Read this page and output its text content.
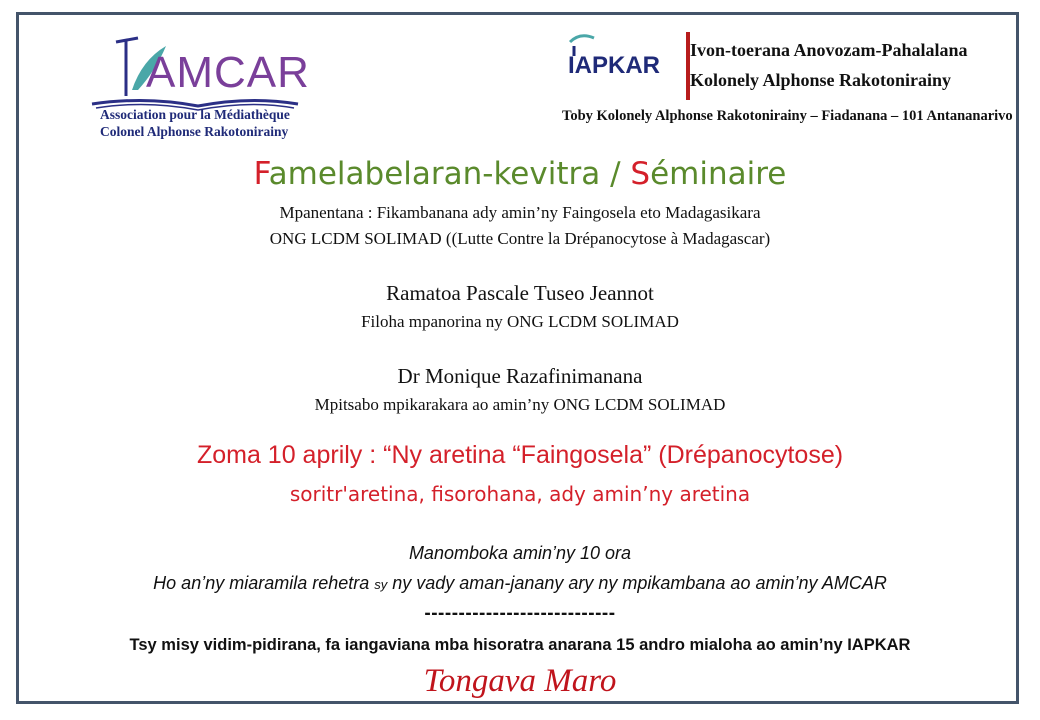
AMCAR
Association pour la Médiathèque
Colonel Alphonse Rakotonirainy
IAPKAR
Ivon-toerana Anovozam-Pahalalana
Kolonely Alphonse Rakotonirainy
Toby Kolonely Alphonse Rakotonirainy – Fiadanana – 101 Antananarivo
Famelabelaran-kevitra / Séminaire
Mpanentana : Fikambanana ady amin’ny Faingosela eto Madagasikara
ONG LCDM SOLIMAD ((Lutte Contre la Drépanocytose à Madagascar)
Ramatoa Pascale Tuseo Jeannot
Filoha mpanorina ny ONG LCDM SOLIMAD
Dr Monique Razafinimanana
Mpitsabo mpikarakara ao amin’ny ONG LCDM SOLIMAD
Zoma 10 aprily : “Ny aretina “Faingosela” (Drépanocytose)
soritr'aretina, fisorohana, ady amin’ny aretina
Manomboka amin’ny 10 ora
Ho an’ny miaramila rehetra sy ny vady aman-janany ary ny mpikambana ao amin’ny AMCAR
----------------------------
Tsy misy vidim-pidirana, fa iangaviana mba hisoratra anarana 15 andro mialoha ao amin’ny IAPKAR
Tongava Maro
